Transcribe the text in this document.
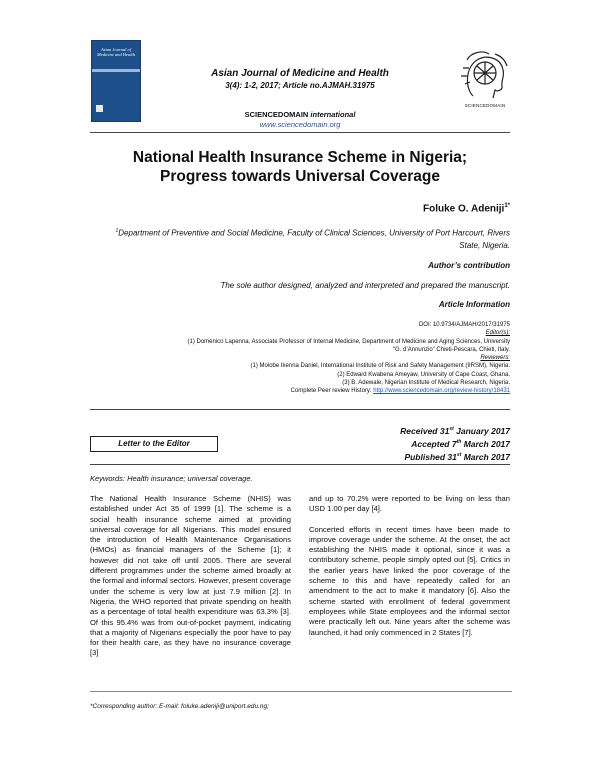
Asian Journal of Medicine and Health
Asian Journal of Medicine and Health
3(4): 1-2, 2017; Article no.AJMAH.31975
SCIENCEDOMAIN international
www.sciencedomain.org
SCIENCEDOMAIN
National Health Insurance Scheme in Nigeria;
Progress towards Universal Coverage
Foluke O. Adeniji$^{1*}$
$^1$Department of Preventive and Social Medicine, Faculty of Clinical Sciences, University of Port Harcourt, Rivers State, Nigeria.
Author’s contribution
The sole author designed, analyzed and interpreted and prepared the manuscript.
Article Information
DOI: 10.9734/AJMAH/2017/31975
Editor(s):
(1) Domenico Lapenna, Associate Professor of Internal Medicine, Department of Medicine and Aging Sciences, University
“G. d’Annunzio” Chieti-Pescara, Chieti, Italy.
Reviewers:
(1) Molobe Ikenna Daniel, International Institute of Risk and Safety Management (IIRSM), Nigeria.
(2) Edward Kwabena Ameyaw, University of Cape Coast, Ghana.
(3) B. Adewale, Nigerian Institute of Medical Research, Nigeria.
Complete Peer review History: http://www.sciencedomain.org/review-history/18431
Letter to the Editor
Received 31st January 2017
Accepted 7th March 2017
Published 31st March 2017
Keywords: Health insurance; universal coverage.

The National Health Insurance Scheme (NHIS) was established under Act 35 of 1999 [1]. The scheme is a social health insurance scheme aimed at providing universal coverage for all Nigerians. This model ensured the introduction of Health Maintenance Organisations (HMOs) as financial managers of the Scheme [1]; it however did not take off until 2005. There are several different programmes under the scheme aimed broadly at the formal and informal sectors. However, present coverage under the scheme is very low at just 7.9 million [2]. In Nigeria, the WHO reported that private spending on health as a percentage of total health expenditure was 63.3% [3]. Of this 95.4% was from out-of-pocket payment, indicating that a majority of Nigerians especially the poor have to pay for their health care, as they have no insurance coverage [3]

and up to 70.2% were reported to be living on less than USD 1.00 per day [4].

Concerted efforts in recent times have been made to improve coverage under the scheme. At the onset, the act establishing the NHIS made it optional, since it was a contributory scheme, people simply opted out [5]. Critics in the earlier years have linked the poor coverage of the scheme to this and have repeatedly called for an amendment to the act to make it mandatory [6]. Also the scheme started with enrollment of federal government employees while State employees and the informal sector were practically left out. Nine years after the scheme was launched, it had only commenced in 2 States [7].

*Corresponding author: E-mail: foluke.adeniji@uniport.edu.ng;
